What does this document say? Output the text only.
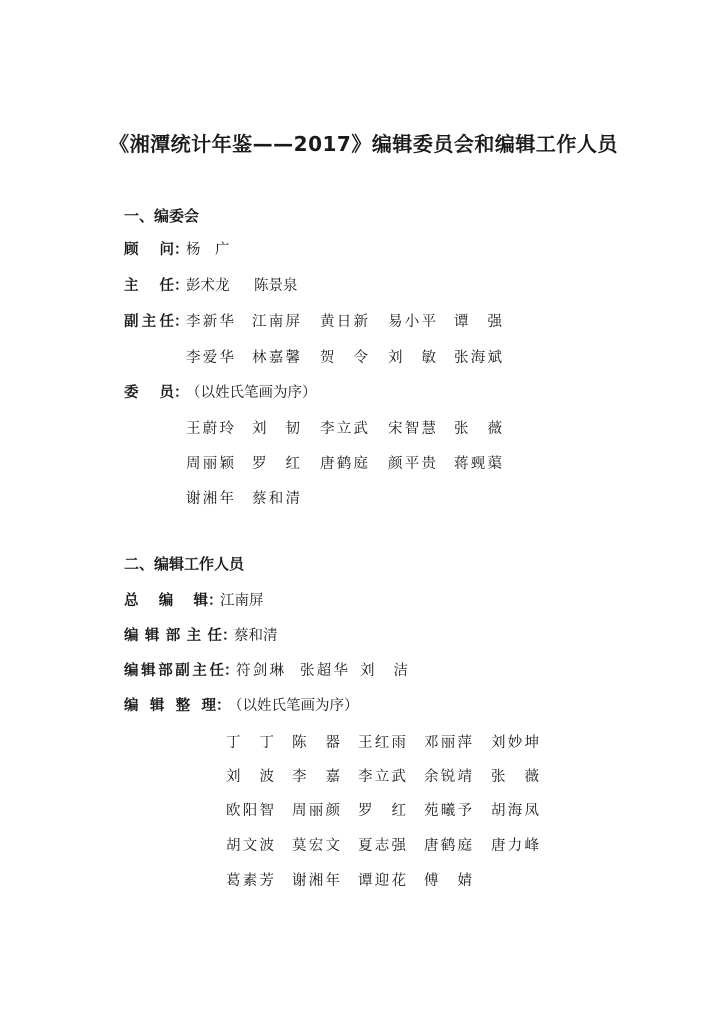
《湘潭统计年鉴——2017》编辑委员会和编辑工作人员
一、编委会
顾　问 ：
杨　广
主　任 ：
彭术龙 陈景泉
副主任 ：
李新华 江南屏 黄日新 易小平 谭　强
李爱华 林嘉馨 贺　令 刘　敏 张海斌
委　员 ：
（以姓氏笔画为序）
王蔚玲 刘　韧 李立武 宋智慧 张　薇
周丽颖 罗　红 唐鹤庭 颜平贵 蒋觋蕖
谢湘年 蔡和清
二、编辑工作人员
总　编　辑 ：
江南屏
编辑部主任 ：
蔡和清
编辑部副主任 ：
符剑琳 张超华 刘　洁
编辑整理 ：
（以姓氏笔画为序）
丁　丁 陈　器 王红雨 邓丽萍 刘妙坤
刘　波 李　嘉 李立武 余锐靖 张　薇
欧阳智 周丽颜 罗　红 苑曦予 胡海凤
胡文波 莫宏文 夏志强 唐鹤庭 唐力峰
葛素芳 谢湘年 谭迎花 傅　婧
